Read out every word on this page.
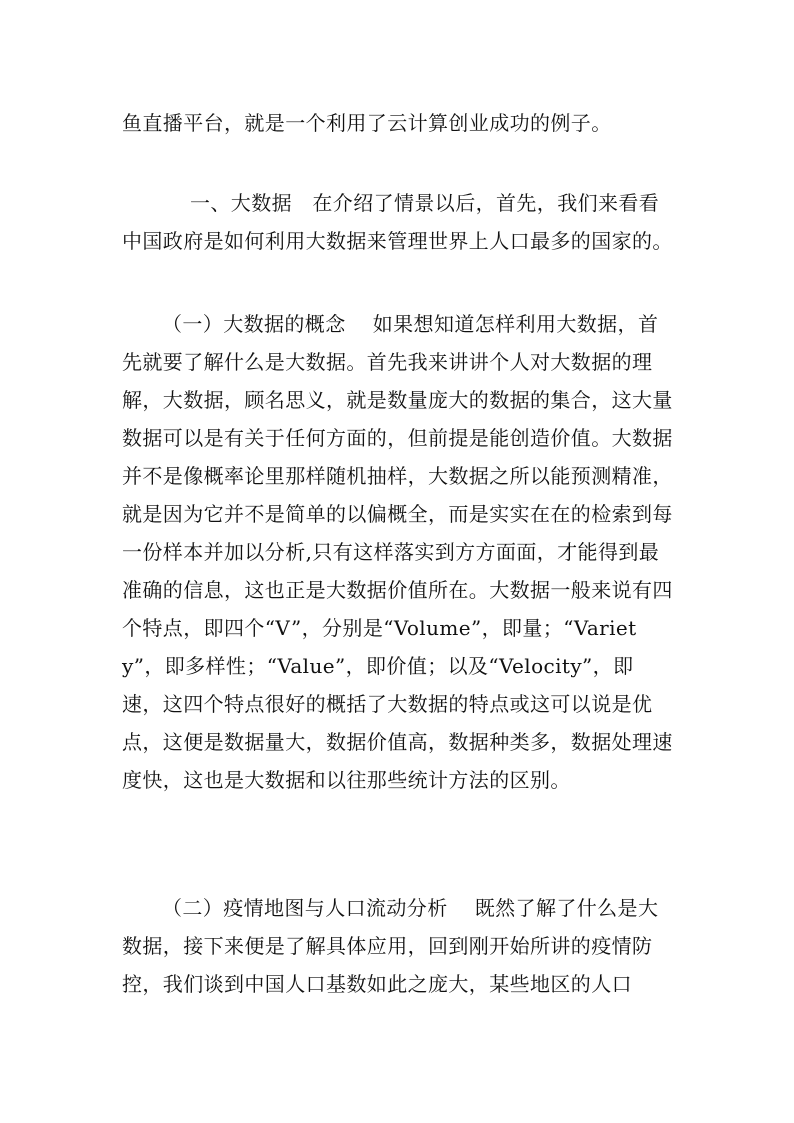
鱼直播平台，就是一个利用了云计算创业成功的例子。
一、大数据　在介绍了情景以后，首先，我们来看看中国政府是如何利用大数据来管理世界上人口最多的国家的。
（一）大数据的概念　 如果想知道怎样利用大数据，首先就要了解什么是大数据。首先我来讲讲个人对大数据的理解，大数据，顾名思义，就是数量庞大的数据的集合，这大量数据可以是有关于任何方面的，但前提是能创造价值。大数据并不是像概率论里那样随机抽样，大数据之所以能预测精准，就是因为它并不是简单的以偏概全，而是实实在在的检索到每一份样本并加以分析,只有这样落实到方方面面，才能得到最准确的信息，这也正是大数据价值所在。大数据一般来说有四个特点，即四个“V”，分别是“Volume”，即量；“Variety”，即多样性；“Value”，即价值；以及“Velocity”，即速，这四个特点很好的概括了大数据的特点或这可以说是优点，这便是数据量大，数据价值高，数据种类多，数据处理速度快，这也是大数据和以往那些统计方法的区别。
（二）疫情地图与人口流动分析　 既然了解了什么是大数据，接下来便是了解具体应用，回到刚开始所讲的疫情防控，我们谈到中国人口基数如此之庞大，某些地区的人口
